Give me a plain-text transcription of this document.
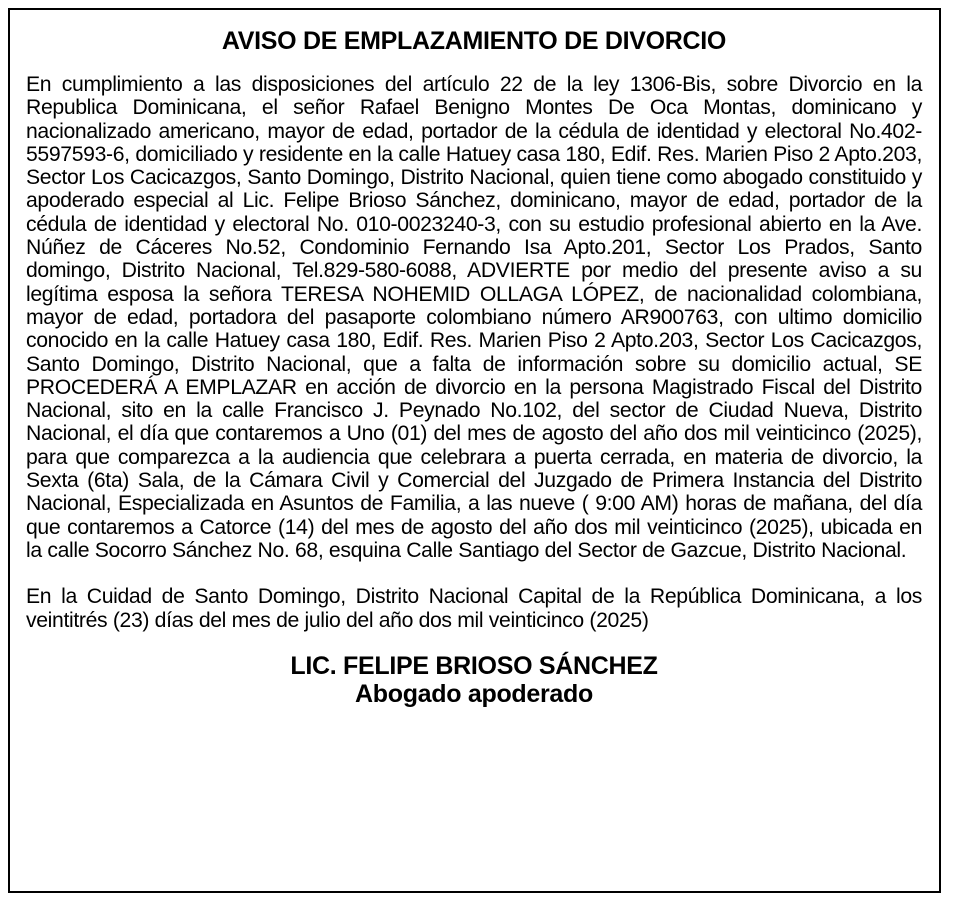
AVISO DE EMPLAZAMIENTO DE DIVORCIO

En cumplimiento a las disposiciones del artículo 22 de la ley 1306-Bis, sobre Divorcio en la Republica Dominicana, el señor Rafael Benigno Montes De Oca Montas, dominicano y nacionalizado americano, mayor de edad, portador de la cédula de identidad y electoral No.402-5597593-6, domiciliado y residente en la calle Hatuey casa 180, Edif. Res. Marien Piso 2 Apto.203, Sector Los Cacicazgos, Santo Domingo, Distrito Nacional, quien tiene como abogado constituido y apoderado especial al Lic. Felipe Brioso Sánchez, dominicano, mayor de edad, portador de la cédula de identidad y electoral No. 010-0023240-3, con su estudio profesional abierto en la Ave. Núñez de Cáceres No.52, Condominio Fernando Isa Apto.201, Sector Los Prados, Santo domingo, Distrito Nacional, Tel.829-580-6088, ADVIERTE por medio del presente aviso a su legítima esposa la señora TERESA NOHEMID OLLAGA LÓPEZ, de nacionalidad colombiana, mayor de edad, portadora del pasaporte colombiano número AR900763, con ultimo domicilio conocido en la calle Hatuey casa 180, Edif. Res. Marien Piso 2 Apto.203, Sector Los Cacicazgos, Santo Domingo, Distrito Nacional, que a falta de información sobre su domicilio actual, SE PROCEDERÁ A EMPLAZAR en acción de divorcio en la persona Magistrado Fiscal del Distrito Nacional, sito en la calle Francisco J. Peynado No.102, del sector de Ciudad Nueva, Distrito Nacional, el día que contaremos a Uno (01) del mes de agosto del año dos mil veinticinco (2025), para que comparezca a la audiencia que celebrara a puerta cerrada, en materia de divorcio, la Sexta (6ta) Sala, de la Cámara Civil y Comercial del Juzgado de Primera Instancia del Distrito Nacional, Especializada en Asuntos de Familia, a las nueve ( 9:00 AM) horas de mañana, del día que contaremos a Catorce (14) del mes de agosto del año dos mil veinticinco (2025), ubicada en la calle Socorro Sánchez No. 68, esquina Calle Santiago del Sector de Gazcue, Distrito Nacional.

En la Cuidad de Santo Domingo, Distrito Nacional Capital de la República Dominicana, a los veintitrés (23) días del mes de julio del año dos mil veinticinco (2025)

LIC. FELIPE BRIOSO SÁNCHEZ
Abogado apoderado
